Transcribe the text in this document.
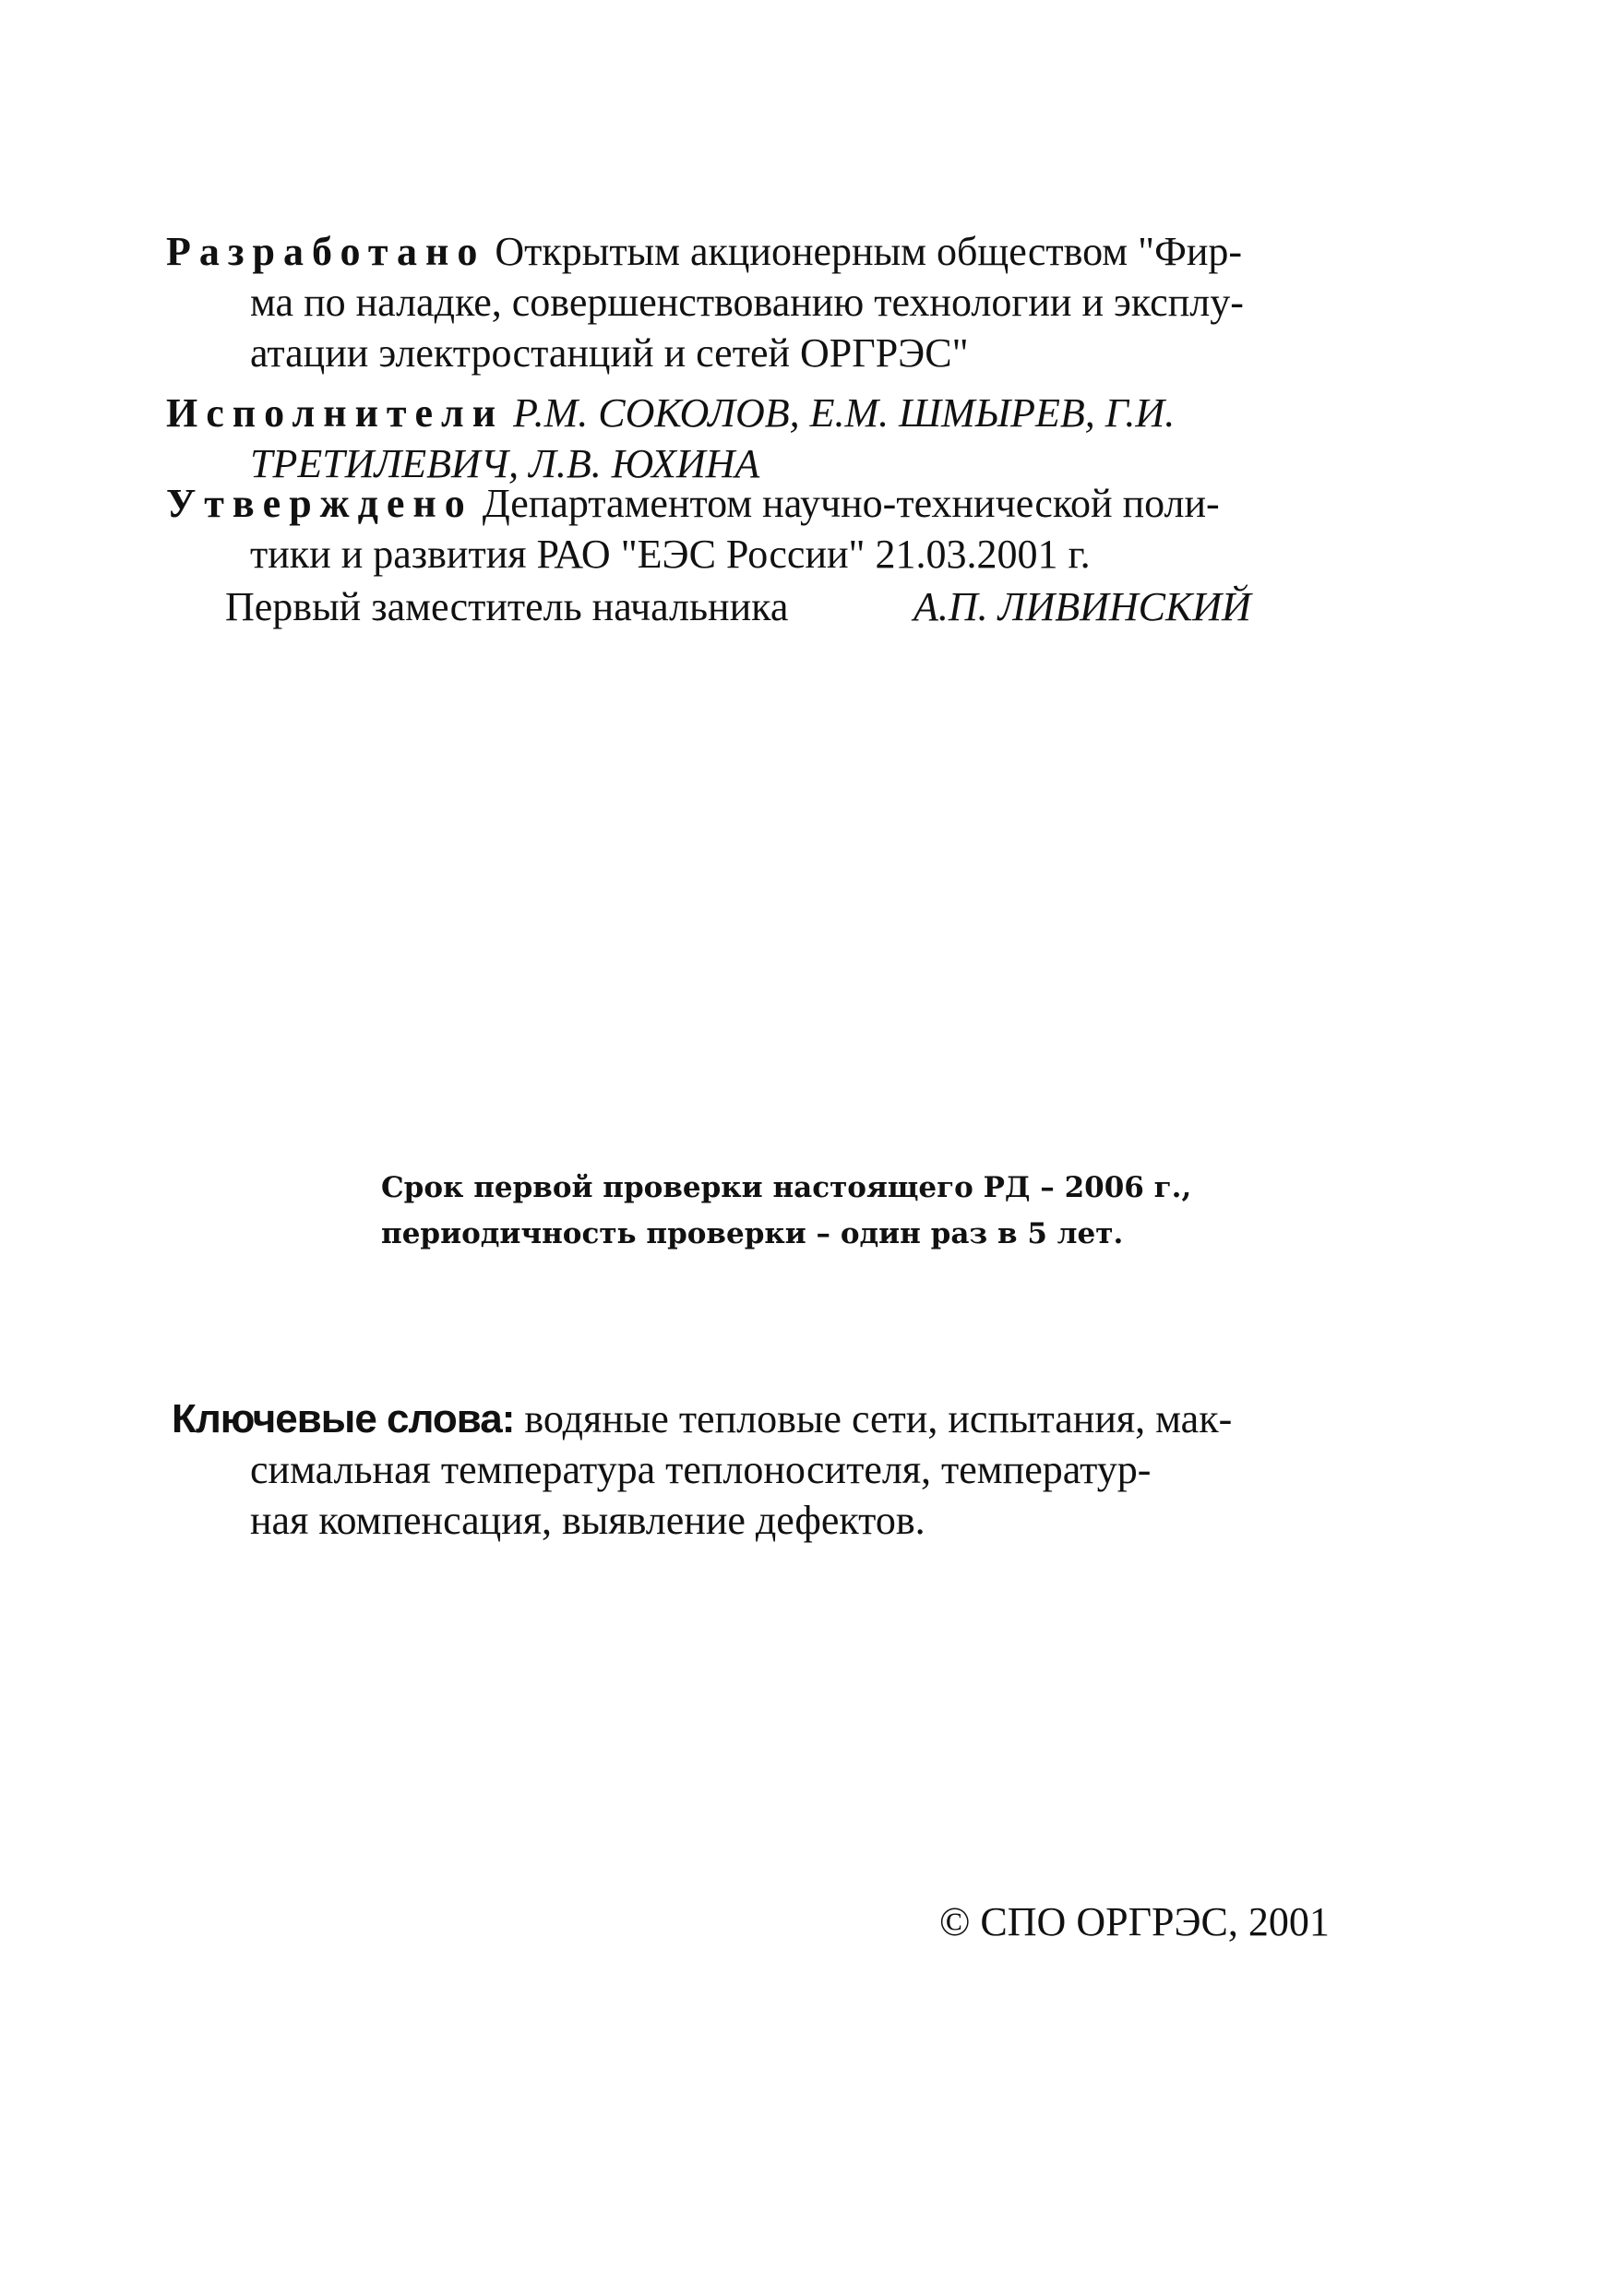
Разработано Открытым акционерным обществом "Фир-
ма по наладке, совершенствованию технологии и эксплу-
атации электростанций и сетей ОРГРЭС"
Исполнители Р.М. СОКОЛОВ, Е.М. ШМЫРЕВ, Г.И.
ТРЕТИЛЕВИЧ, Л.В. ЮХИНА
Утверждено Департаментом научно-технической поли-
тики и развития РАО "ЕЭС России" 21.03.2001 г.
Первый заместитель начальника	А.П. ЛИВИНСКИЙ
Срок первой проверки настоящего РД – 2006 г.,
периодичность проверки – один раз в 5 лет.
Ключевые слова: водяные тепловые сети, испытания, мак-
симальная температура теплоносителя, температур-
ная компенсация, выявление дефектов.
© СПО ОРГРЭС, 2001
